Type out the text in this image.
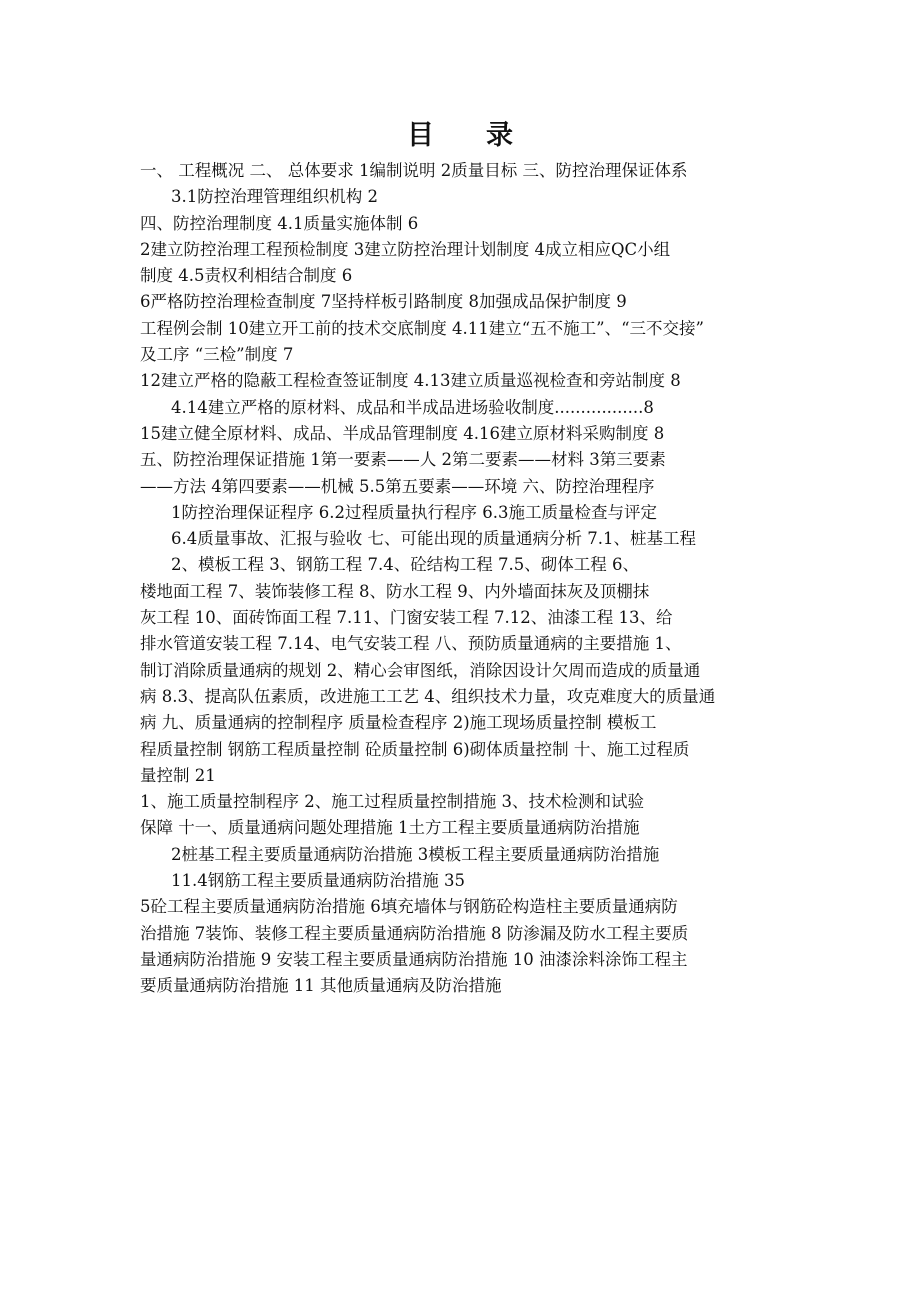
目 录
一、 工程概况 二、 总体要求 1编制说明 2质量目标 三、防控治理保证体系
3.1防控治理管理组织机构 2
四、防控治理制度 4.1质量实施体制 6
2建立防控治理工程预检制度 3建立防控治理计划制度 4成立相应QC小组
制度 4.5责权利相结合制度 6
6严格防控治理检查制度 7坚持样板引路制度 8加强成品保护制度 9
工程例会制 10建立开工前的技术交底制度 4.11建立“五不施工”、“三不交接”
及工序 “三检”制度 7
12建立严格的隐蔽工程检查签证制度 4.13建立质量巡视检查和旁站制度 8
4.14建立严格的原材料、成品和半成品进场验收制度.................8
15建立健全原材料、成品、半成品管理制度 4.16建立原材料采购制度 8
五、防控治理保证措施 1第一要素——人 2第二要素——材料 3第三要素
——方法 4第四要素——机械 5.5第五要素——环境 六、防控治理程序
1防控治理保证程序 6.2过程质量执行程序 6.3施工质量检查与评定
6.4质量事故、汇报与验收 七、可能出现的质量通病分析 7.1、桩基工程
2、模板工程 3、钢筋工程 7.4、砼结构工程 7.5、砌体工程 6、
楼地面工程 7、装饰装修工程 8、防水工程 9、内外墙面抹灰及顶棚抹
灰工程 10、面砖饰面工程 7.11、门窗安装工程 7.12、油漆工程 13、给
排水管道安装工程 7.14、电气安装工程 八、预防质量通病的主要措施 1、
制订消除质量通病的规划 2、精心会审图纸，消除因设计欠周而造成的质量通
病 8.3、提高队伍素质，改进施工工艺 4、组织技术力量，攻克难度大的质量通
病 九、质量通病的控制程序 质量检查程序 2)施工现场质量控制 模板工
程质量控制 钢筋工程质量控制 砼质量控制 6)砌体质量控制 十、施工过程质
量控制 21
1、施工质量控制程序 2、施工过程质量控制措施 3、技术检测和试验
保障 十一、质量通病问题处理措施 1土方工程主要质量通病防治措施
2桩基工程主要质量通病防治措施 3模板工程主要质量通病防治措施
11.4钢筋工程主要质量通病防治措施 35
5砼工程主要质量通病防治措施 6填充墙体与钢筋砼构造柱主要质量通病防
治措施 7装饰、装修工程主要质量通病防治措施 8 防渗漏及防水工程主要质
量通病防治措施 9 安装工程主要质量通病防治措施 10 油漆涂料涂饰工程主
要质量通病防治措施 11 其他质量通病及防治措施
